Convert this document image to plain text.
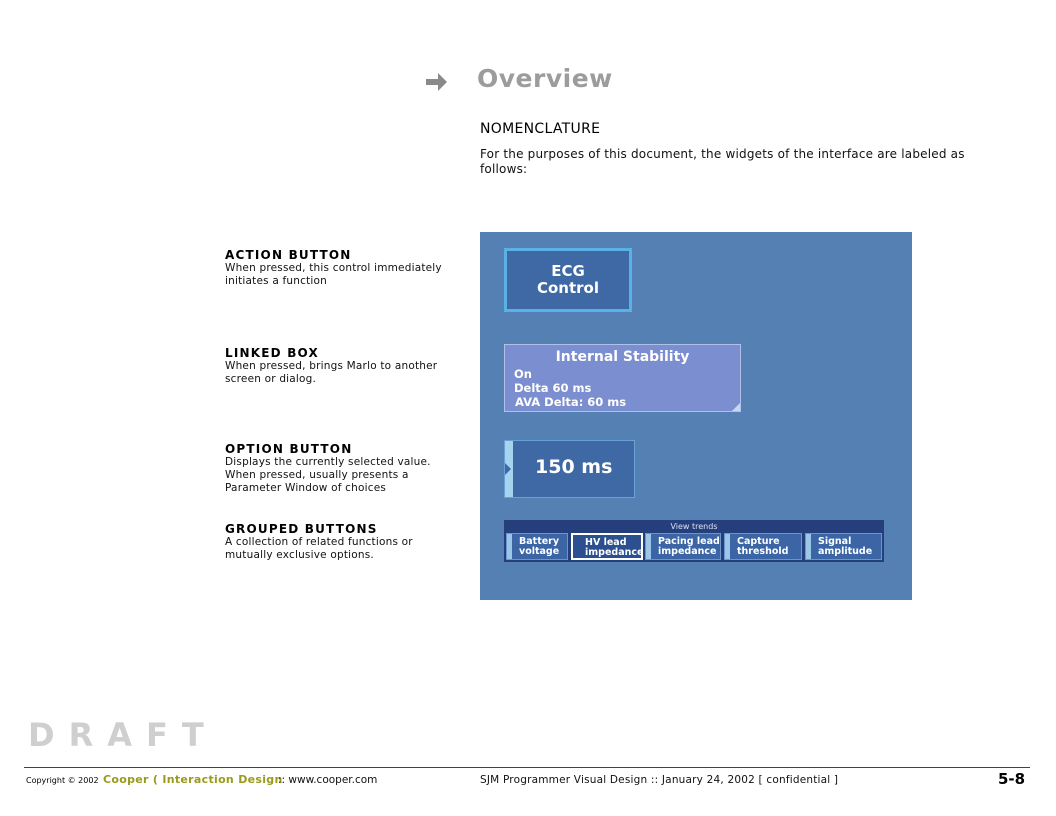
Overview
NOMENCLATURE
For the purposes of this document, the widgets of the interface are labeled as follows:
ACTION BUTTON
When pressed, this control immediately initiates a function
LINKED BOX
When pressed, brings Marlo to another screen or dialog.
OPTION BUTTON
Displays the currently selected value. When pressed, usually presents a Parameter Window of choices
GROUPED BUTTONS
A collection of related functions or mutually exclusive options.
ECG
Control
Internal Stability
On
Delta 60 ms
AVA Delta: 60 ms
150 ms
View trends
Battery
voltage
HV lead
impedance
Pacing lead
impedance
Capture
threshold
Signal
amplitude
DRAFT
Copyright © 2002 Cooper ( Interaction Design
:: www.cooper.com	SJM Programmer Visual Design :: January 24, 2002 [ confidential ]	5-8
